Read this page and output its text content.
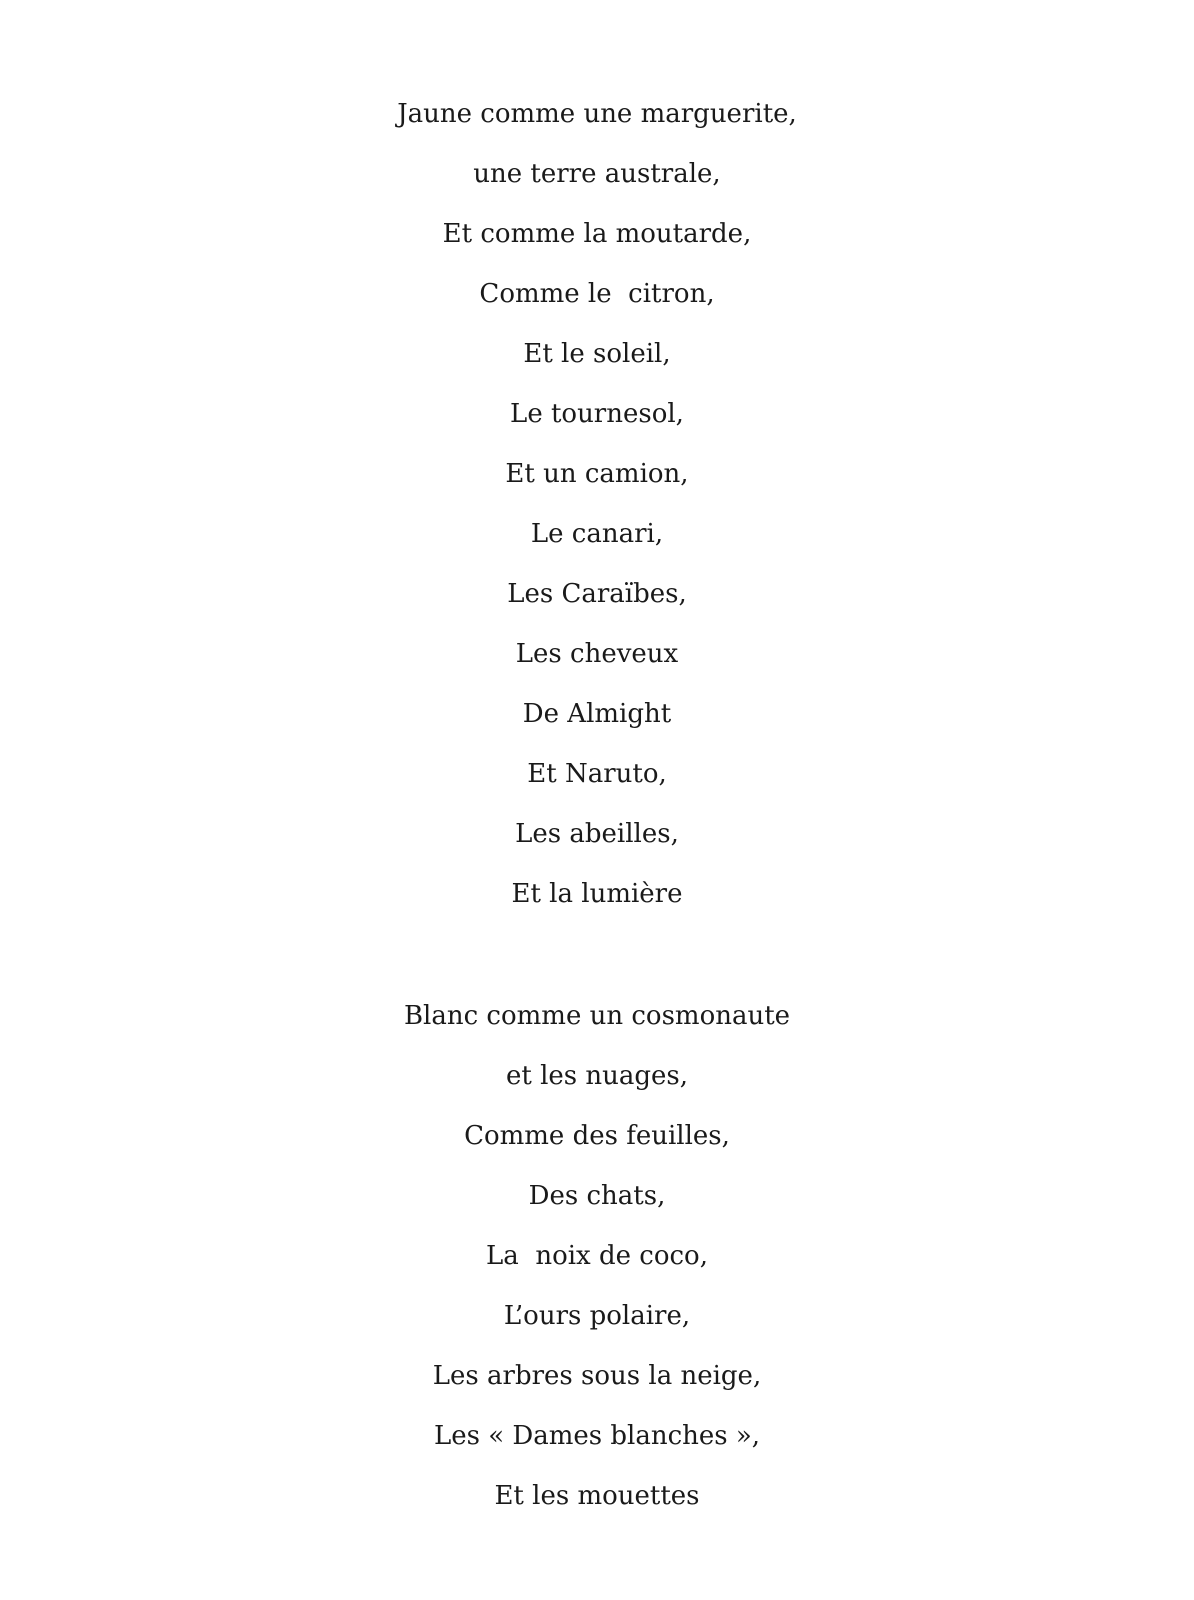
Jaune comme une marguerite,
une terre australe,
Et comme la moutarde,
Comme le  citron,
Et le soleil,
Le tournesol,
Et un camion,
Le canari,
Les Caraïbes,
Les cheveux
De Almight
Et Naruto,
Les abeilles,
Et la lumière
Blanc comme un cosmonaute
et les nuages,
Comme des feuilles,
Des chats,
La  noix de coco,
L’ours polaire,
Les arbres sous la neige,
Les « Dames blanches »,
Et les mouettes
